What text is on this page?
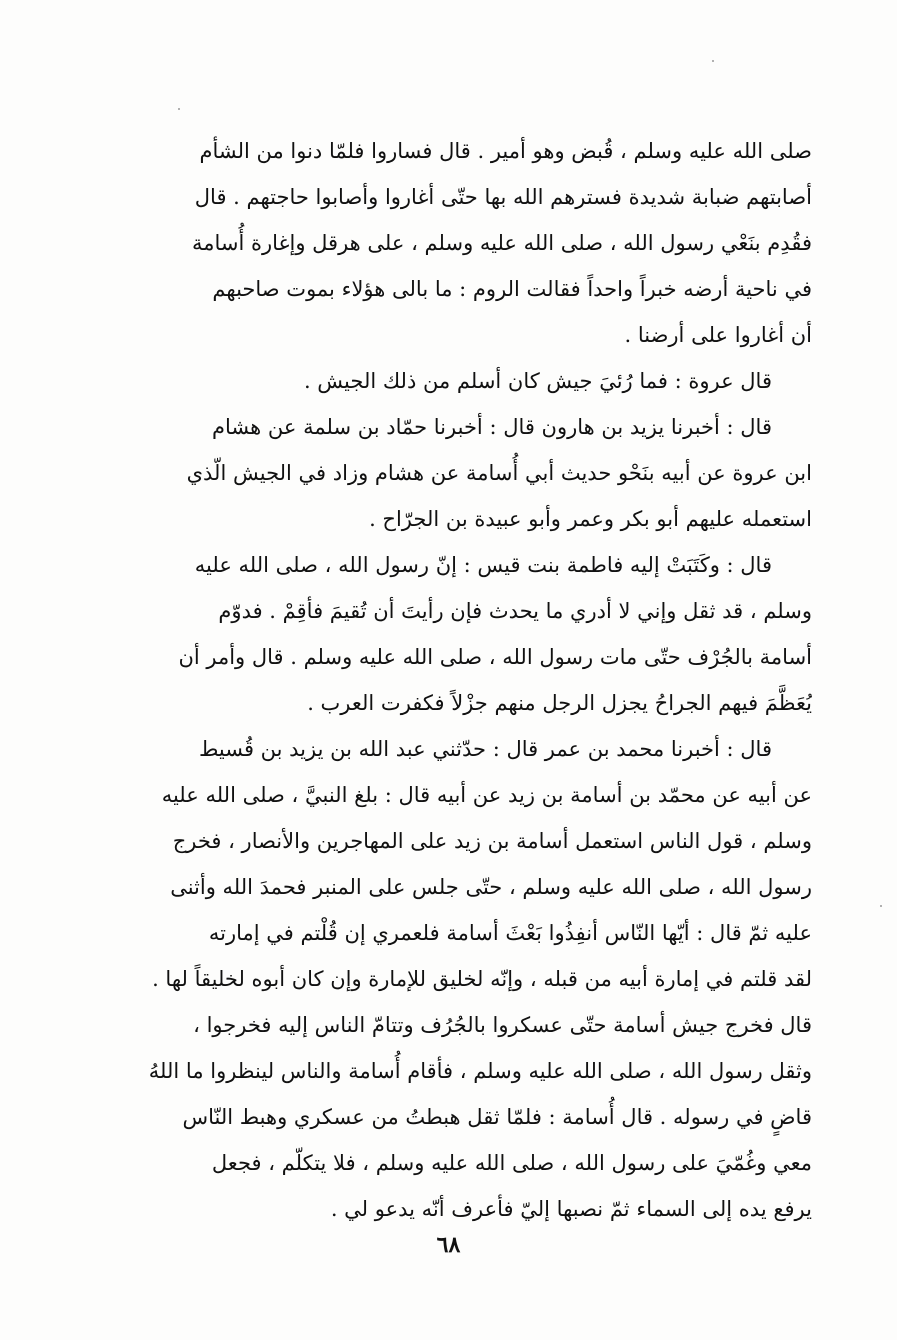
صلى الله عليه وسلم ، قُبض وهو أمير . قال فساروا فلمّا دنوا من الشأم
أصابتهم ضبابة شديدة فسترهم الله بها حتّى أغاروا وأصابوا حاجتهم . قال
فقُدِم بنَعْي رسول الله ، صلى الله عليه وسلم ، على هرقل وإغارة أُسامة
في ناحية أرضه خبراً واحداً فقالت الروم : ما بالى هؤلاء بموت صاحبهم
أن أغاروا على أرضنا .
قال عروة : فما رُئيَ جيش كان أسلم من ذلك الجيش .
قال : أخبرنا يزيد بن هارون قال : أخبرنا حمّاد بن سلمة عن هشام
ابن عروة عن أبيه بنَحْو حديث أبي أُسامة عن هشام وزاد في الجيش الّذي
استعمله عليهم أبو بكر وعمر وأبو عبيدة بن الجرّاح .
قال : وكَتَبَتْ إليه فاطمة بنت قيس : إنّ رسول الله ، صلى الله عليه
وسلم ، قد ثقل وإني لا أدري ما يحدث فإن رأيتَ أن تُقيمَ فأقِمْ . فدوّم
أسامة بالجُرْف حتّى مات رسول الله ، صلى الله عليه وسلم . قال وأمر أن
يُعَظَّمَ فيهم الجراحُ يجزل الرجل منهم جزْلاً فكفرت العرب .
قال : أخبرنا محمد بن عمر قال : حدّثني عبد الله بن يزيد بن قُسيط
عن أبيه عن محمّد بن أسامة بن زيد عن أبيه قال : بلغ النبيَّ ، صلى الله عليه
وسلم ، قول الناس استعمل أسامة بن زيد على المهاجرين والأنصار ، فخرج
رسول الله ، صلى الله عليه وسلم ، حتّى جلس على المنبر فحمدَ الله وأثنى
عليه ثمّ قال : أيّها النّاس أنفِذُوا بَعْثَ أسامة فلعمري إن قُلْتم في إمارته
لقد قلتم في إمارة أبيه من قبله ، وإنّه لخليق للإمارة وإن كان أبوه لخليقاً لها .
قال فخرج جيش أسامة حتّى عسكروا بالجُرُف وتتامّ الناس إليه فخرجوا ،
وثقل رسول الله ، صلى الله عليه وسلم ، فأقام أُسامة والناس لينظروا ما اللهُ
قاضٍ في رسوله . قال أُسامة : فلمّا ثقل هبطتُ من عسكري وهبط النّاس
معي وغُمّيَ على رسول الله ، صلى الله عليه وسلم ، فلا يتكلّم ، فجعل
يرفع يده إلى السماء ثمّ نصبها إليّ فأعرف أنّه يدعو لي .
٦٨
